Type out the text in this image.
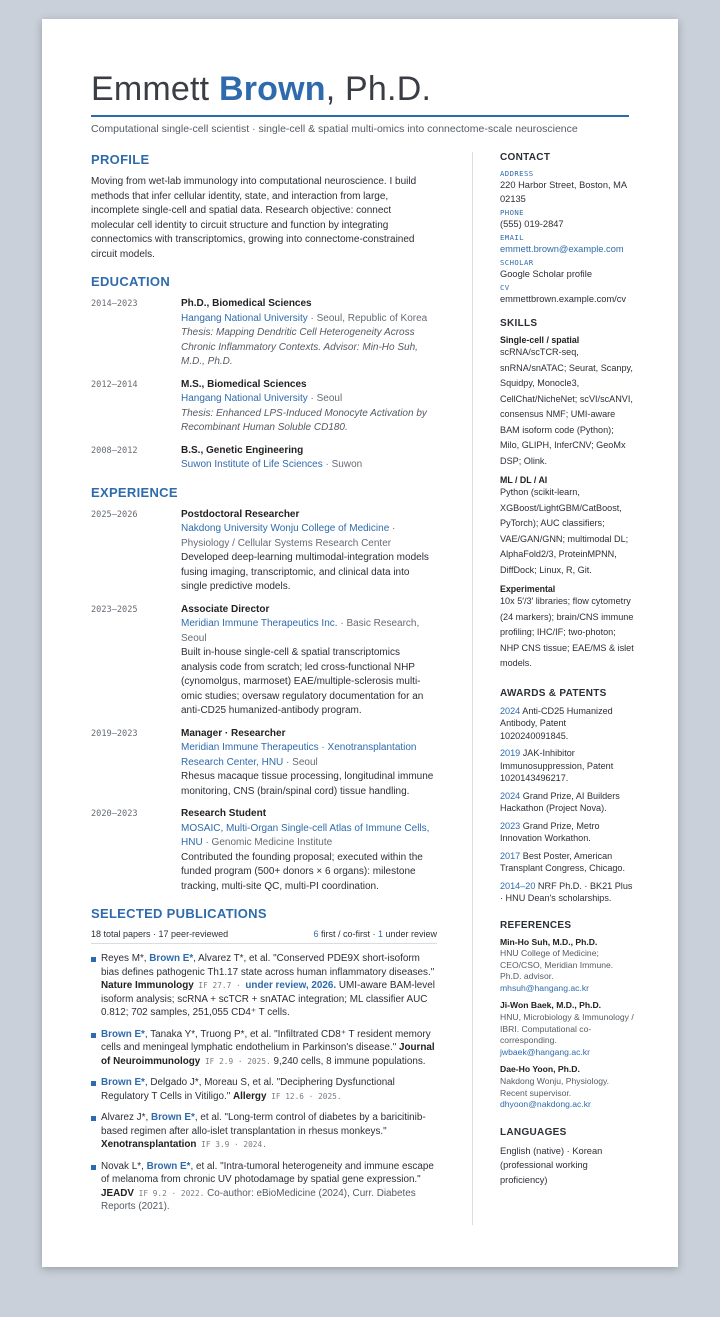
Emmett Brown, Ph.D.
Computational single-cell scientist · single-cell & spatial multi-omics into connectome-scale neuroscience
PROFILE

Moving from wet-lab immunology into computational neuroscience. I build methods that infer cellular identity, state, and interaction from large, incomplete single-cell and spatial data. Research objective: connect molecular cell identity to circuit structure and function by integrating connectomics with transcriptomics, growing into connectome-constrained circuit models.

EDUCATION
2014–2023	Ph.D., Biomedical Sciences
Hangang National University · Seoul, Republic of Korea
Thesis: Mapping Dendritic Cell Heterogeneity Across Chronic Inflammatory Contexts. Advisor: Min-Ho Suh, M.D., Ph.D.
2012–2014	M.S., Biomedical Sciences
Hangang National University · Seoul
Thesis: Enhanced LPS-Induced Monocyte Activation by Recombinant Human Soluble CD180.
2008–2012	B.S., Genetic Engineering
Suwon Institute of Life Sciences · Suwon
EXPERIENCE
2025–2026	Postdoctoral Researcher
Nakdong University Wonju College of Medicine · Physiology / Cellular Systems Research Center
Developed deep-learning multimodal-integration models fusing imaging, transcriptomic, and clinical data into single predictive models.
2023–2025	Associate Director
Meridian Immune Therapeutics Inc. · Basic Research, Seoul
Built in-house single-cell & spatial transcriptomics analysis code from scratch; led cross-functional NHP (cynomolgus, marmoset) EAE/multiple-sclerosis multi-omic studies; oversaw regulatory documentation for an anti-CD25 humanized-antibody program.
2019–2023	Manager · Researcher
Meridian Immune Therapeutics · Xenotransplantation Research Center, HNU · Seoul
Rhesus macaque tissue processing, longitudinal immune monitoring, CNS (brain/spinal cord) tissue handling.
2020–2023	Research Student
MOSAIC, Multi-Organ Single-cell Atlas of Immune Cells, HNU · Genomic Medicine Institute
Contributed the founding proposal; executed within the funded program (500+ donors × 6 organs): milestone tracking, multi-site QC, multi-PI coordination.
SELECTED PUBLICATIONS
18 total papers · 17 peer-reviewed	6 first / co-first · 1 under review
Reyes M*, Brown E*, Alvarez T*, et al. "Conserved PDE9X short-isoform bias defines pathogenic Th1.17 state across human inflammatory diseases." Nature Immunology IF 27.7 · under review, 2026. UMI-aware BAM-level isoform analysis; scRNA + scTCR + snATAC integration; ML classifier AUC 0.812; 702 samples, 251,055 CD4⁺ T cells.
Brown E*, Tanaka Y*, Truong P*, et al. "Infiltrated CD8⁺ T resident memory cells and meningeal lymphatic endothelium in Parkinson's disease." Journal of Neuroimmunology IF 2.9 · 2025. 9,240 cells, 8 immune populations.
Brown E*, Delgado J*, Moreau S, et al. "Deciphering Dysfunctional Regulatory T Cells in Vitiligo." Allergy IF 12.6 · 2025.
Alvarez J*, Brown E*, et al. "Long-term control of diabetes by a baricitinib-based regimen after allo-islet transplantation in rhesus monkeys." Xenotransplantation IF 3.9 · 2024.
Novak L*, Brown E*, et al. "Intra-tumoral heterogeneity and immune escape of melanoma from chronic UV photodamage by spatial gene expression." JEADV IF 9.2 · 2022. Co-author: eBioMedicine (2024), Curr. Diabetes Reports (2021).
CONTACT
ADDRESS
220 Harbor Street, Boston, MA 02135
PHONE
(555) 019-2847
EMAIL
emmett.brown@example.com
SCHOLAR
Google Scholar profile
CV
emmettbrown.example.com/cv
SKILLS
Single-cell / spatial
scRNA/scTCR-seq, snRNA/snATAC; Seurat, Scanpy, Squidpy, Monocle3, CellChat/NicheNet; scVI/scANVI, consensus NMF; UMI-aware BAM isoform code (Python); Milo, GLIPH, InferCNV; GeoMx DSP; Olink.
ML / DL / AI
Python (scikit-learn, XGBoost/LightGBM/CatBoost, PyTorch); AUC classifiers; VAE/GAN/GNN; multimodal DL; AlphaFold2/3, ProteinMPNN, DiffDock; Linux, R, Git.
Experimental
10x 5′/3′ libraries; flow cytometry (24 markers); brain/CNS immune profiling; IHC/IF; two-photon; NHP CNS tissue; EAE/MS & islet models.
AWARDS & PATENTS
2024 Anti-CD25 Humanized Antibody, Patent 1020240091845.
2019 JAK-Inhibitor Immunosuppression, Patent 1020143496217.
2024 Grand Prize, AI Builders Hackathon (Project Nova).
2023 Grand Prize, Metro Innovation Workathon.
2017 Best Poster, American Transplant Congress, Chicago.
2014–20 NRF Ph.D. · BK21 Plus · HNU Dean's scholarships.
REFERENCES
Min-Ho Suh, M.D., Ph.D.
HNU College of Medicine; CEO/CSO, Meridian Immune. Ph.D. advisor.
mhsuh@hangang.ac.kr
Ji-Won Baek, M.D., Ph.D.
HNU, Microbiology & Immunology / IBRI. Computational co-corresponding.
jwbaek@hangang.ac.kr
Dae-Ho Yoon, Ph.D.
Nakdong Wonju, Physiology. Recent supervisor.
dhyoon@nakdong.ac.kr
LANGUAGES
English (native) · Korean (professional working proficiency)
